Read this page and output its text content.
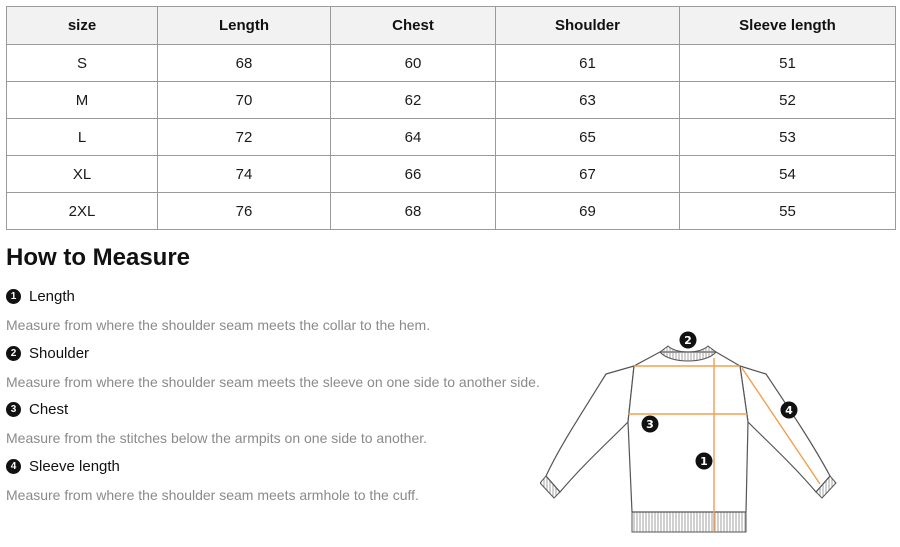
size	Length	Chest	Shoulder	Sleeve length
S	68	60	61	51
M	70	62	63	52
L	72	64	65	53
XL	74	66	67	54
2XL	76	68	69	55
How to Measure
1 Length
Measure from where the shoulder seam meets the collar to the hem.
2 Shoulder
Measure from where the shoulder seam meets the sleeve on one side to another side.
3 Chest
Measure from the stitches below the armpits on one side to another.
4 Sleeve length
Measure from where the shoulder seam meets armhole to the cuff.
2
4
3
1
